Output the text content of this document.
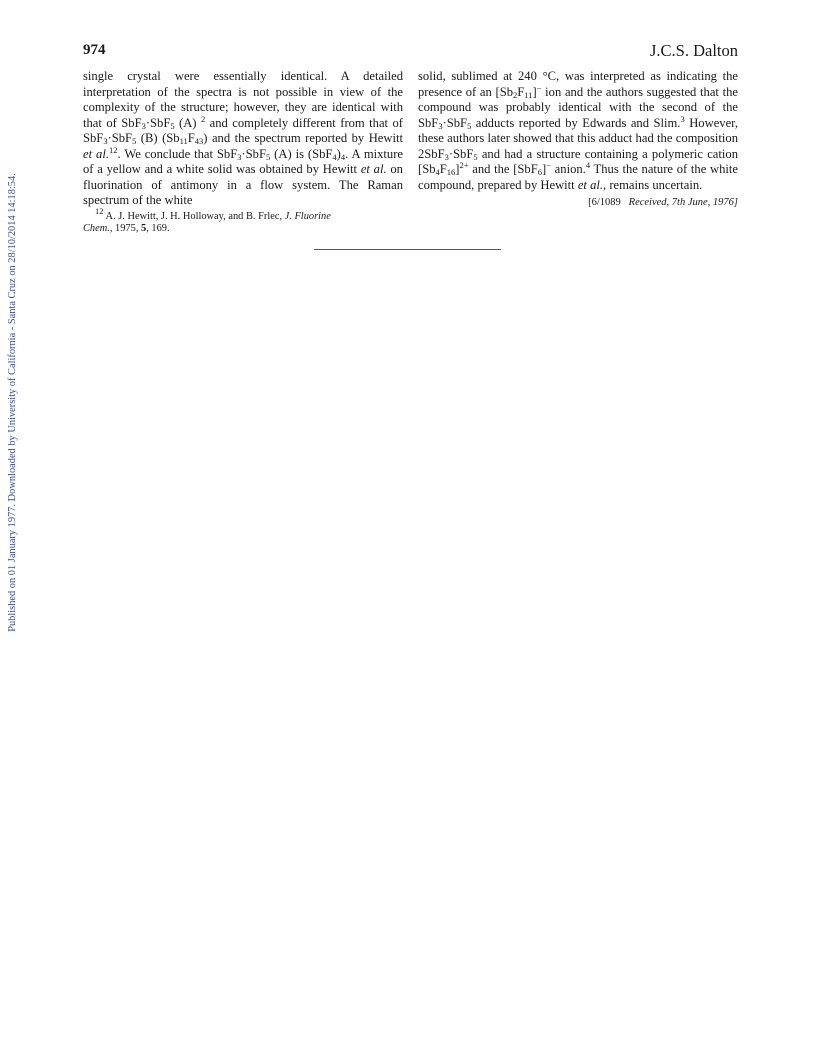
Published on 01 January 1977. Downloaded by University of California - Santa Cruz on 28/10/2014 14:18:54.
974	J.C.S. Dalton

single crystal were essentially identical. A detailed interpretation of the spectra is not possible in view of the complexity of the structure; however, they are identical with that of SbF$_3$·SbF$_5$ (A) $^2$ and completely different from that of SbF$_3$·SbF$_5$ (B) $(Sb_{11}F_{43})$ and the spectrum reported by Hewitt et al.$^{12}$. We conclude that SbF$_3$·SbF$_5$ (A) is $(SbF_4)_4$. A mixture of a yellow and a white solid was obtained by Hewitt et al. on fluorination of antimony in a flow system. The Raman spectrum of the white

$^{12}$ A. J. Hewitt, J. H. Holloway, and B. Frlec, J. Fluorine
Chem., 1975, 5, 169.

solid, sublimed at 240 °C, was interpreted as indicating the presence of an $[Sb_2F_{11}]^-$ ion and the authors suggested that the compound was probably identical with the second of the SbF$_3$·SbF$_5$ adducts reported by Edwards and Slim.$^3$ However, these authors later showed that this adduct had the composition 2SbF$_3$·SbF$_5$ and had a structure containing a polymeric cation $[Sb_4F_{16}]^{2+}$ and the [SbF$_6$]− anion.$^4$ Thus the nature of the white compound, prepared by Hewitt et al., remains uncertain.

[6/1089 Received, 7th June, 1976]
